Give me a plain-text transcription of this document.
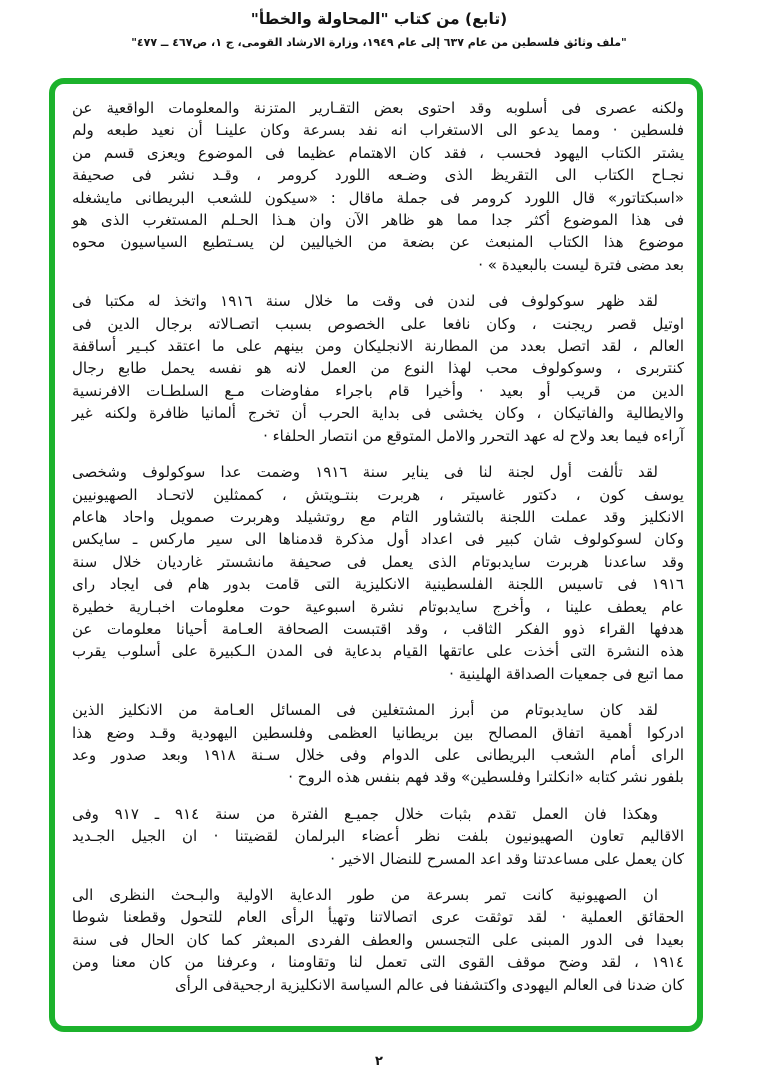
(تابع) من كتاب "المحاولة والخطأ"
"ملف وثائق فلسطين من عام ٦٣٧ إلى عام ١٩٤٩، وزارة الارشاد القومى، ج ١، ص٤٦٧ ــ ٤٧٧"
ولكنه عصرى فى أسلوبه وقد احتوى بعض التقـارير المتزنة والمعلومات الواقعية عن
فلسطين · ومما يدعو الى الاستغراب انه نفد بسرعة وكان علينـا أن نعيد طبعه ولم
يشتر الكتاب اليهود فحسب ، فقد كان الاهتمام عظيما فى الموضوع ويعزى قسم من
نجـاح الكتاب الى التقريظ الذى وضـعه اللورد كرومر ، وقـد نشر فى صحيفة
«اسبكتاتور» قال اللورد كرومر فى جملة ماقال : «سيكون للشعب البريطانى مايشغله
فى هذا الموضوع أكثر جدا مما هو ظاهر الآن وان هـذا الحـلم المستغرب الذى هو
موضوع هذا الكتاب المنبعث عن بضعة من الخياليين لن يسـتطيع السياسيون محوه
بعد مضى فترة ليست بالبعيدة » ·
لقد ظهر سوكولوف فى لندن فى وقت ما خلال سنة ١٩١٦ واتخذ له مكتبا فى
اوتيل قصر ريجنت ، وكان نافعا على الخصوص بسبب اتصـالاته برجال الدين فى
العالم ، لقد اتصل بعدد من المطارنة الانجليكان ومن بينهم على ما اعتقد كبـير أساقفة
كنتربرى ، وسوكولوف محب لهذا النوع من العمل لانه هو نفسه يحمل طابع رجال
الدين من قريب أو بعيد · وأخيرا قام باجراء مفاوضات مـع السلطـات الافرنسية
والايطالية والفاتيكان ، وكان يخشى فى بداية الحرب أن تخرج ألمانيا ظافرة ولكنه غير
آراءه فيما بعد ولاح له عهد التحرر والامل المتوقع من انتصار الحلفاء ·
لقد تألفت أول لجنة لنا فى يناير سنة ١٩١٦ وضمت عدا سوكولوف وشخصى
يوسف كون ، دكتور غاسيتر ، هربرت بنتـويتش ، كممثلين لاتحـاد الصهيونيين
الانكليز وقد عملت اللجنة بالتشاور التام مع روتشيلد وهربرت صمويل واحاد هاعام
وكان لسوكولوف شان كبير فى اعداد أول مذكرة قدمناها الى سير ماركس ـ سايكس
وقد ساعدنا هربرت سايدبوتام الذى يعمل فى صحيفة مانشستر غارديان خلال سنة
١٩١٦ فى تاسيس اللجنة الفلسطينية الانكليزية التى قامت بدور هام فى ايجاد راى
عام يعطف علينا ، وأخرج سايدبوتام نشرة اسبوعية حوت معلومات اخبـارية خطيرة
هدفها القراء ذوو الفكر الثاقب ، وقد اقتبست الصحافة العـامة أحيانا معلومات عن
هذه النشرة التى أخذت على عاتقها القيام بدعاية فى المدن الـكبيرة على أسلوب يقرب
مما اتبع فى جمعيات الصداقة الهلينية ·
لقد كان سايدبوتام من أبرز المشتغلين فى المسائل العـامة من الانكليز الذين
ادركوا أهمية اتفاق المصالح بين بريطانيا العظمى وفلسطين اليهودية وقـد وضع هذا
الراى أمام الشعب البريطانى على الدوام وفى خلال سـنة ١٩١٨ وبعد صدور وعد
بلفور نشر كتابه «انكلترا وفلسطين» وقد فهم بنفس هذه الروح ·
وهكذا فان العمل تقدم بثبات خلال جميـع الفترة من سنة ٩١٤ ـ ٩١٧ وفى
الاقاليم تعاون الصهيونيون بلفت نظر أعضاء البرلمان لقضيتنا · ان الجيل الجـديد
كان يعمل على مساعدتنا وقد اعد المسرح للنضال الاخير ·
ان الصهيونية كانت تمر بسرعة من طور الدعاية الاولية والبـحث النظرى الى
الحقائق العملية · لقد توثقت عرى اتصالاتنا وتهيأ الرأى العام للتحول وقطعنا شوطا
بعيدا فى الدور المبنى على التجسس والعطف الفردى المبعثر كما كان الحال فى سنة
١٩١٤ ، لقد وضح موقف القوى التى تعمل لنا وتقاومنا ، وعرفنا من كان معنا ومن
كان ضدنا فى العالم اليهودى واكتشفنا فى عالم السياسة الانكليزية ارجحيةفى الرأى
٢
